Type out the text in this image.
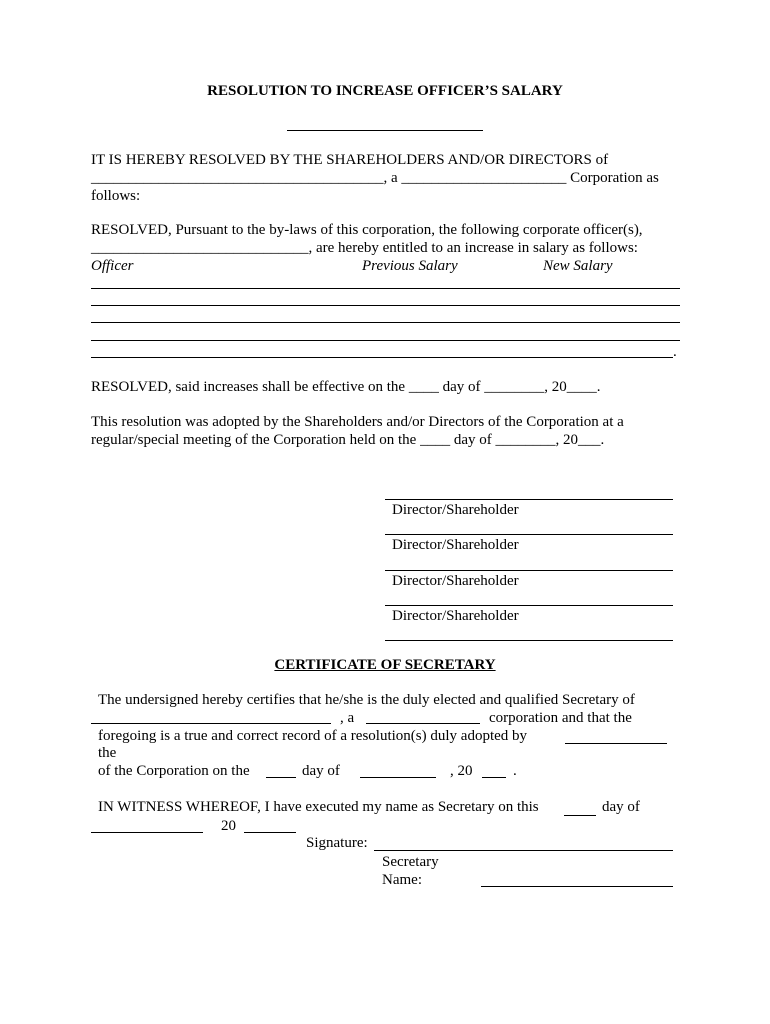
RESOLUTION TO INCREASE OFFICER’S SALARY
IT IS HEREBY RESOLVED BY THE SHAREHOLDERS AND/OR DIRECTORS of
_______________________________________, a ______________________ Corporation as
follows:
RESOLVED, Pursuant to the by-laws of this corporation, the following corporate officer(s),
_____________________________, are hereby entitled to an increase in salary as follows:
Officer	Previous Salary	New Salary
.
RESOLVED, said increases shall be effective on the ____ day of ________, 20____.
This resolution was adopted by the Shareholders and/or Directors of the Corporation at a
regular/special meeting of the Corporation held on the ____ day of ________, 20___.
Director/Shareholder
Director/Shareholder
Director/Shareholder
Director/Shareholder
CERTIFICATE OF SECRETARY
The undersigned hereby certifies that he/she is the duly elected and qualified Secretary of
, a	corporation and that the
foregoing is a true and correct record of a resolution(s) duly adopted by
the
of the Corporation on the	day of	, 20	.
IN WITNESS WHEREOF, I have executed my name as Secretary on this	day of
20
Signature:
Secretary
Name:
